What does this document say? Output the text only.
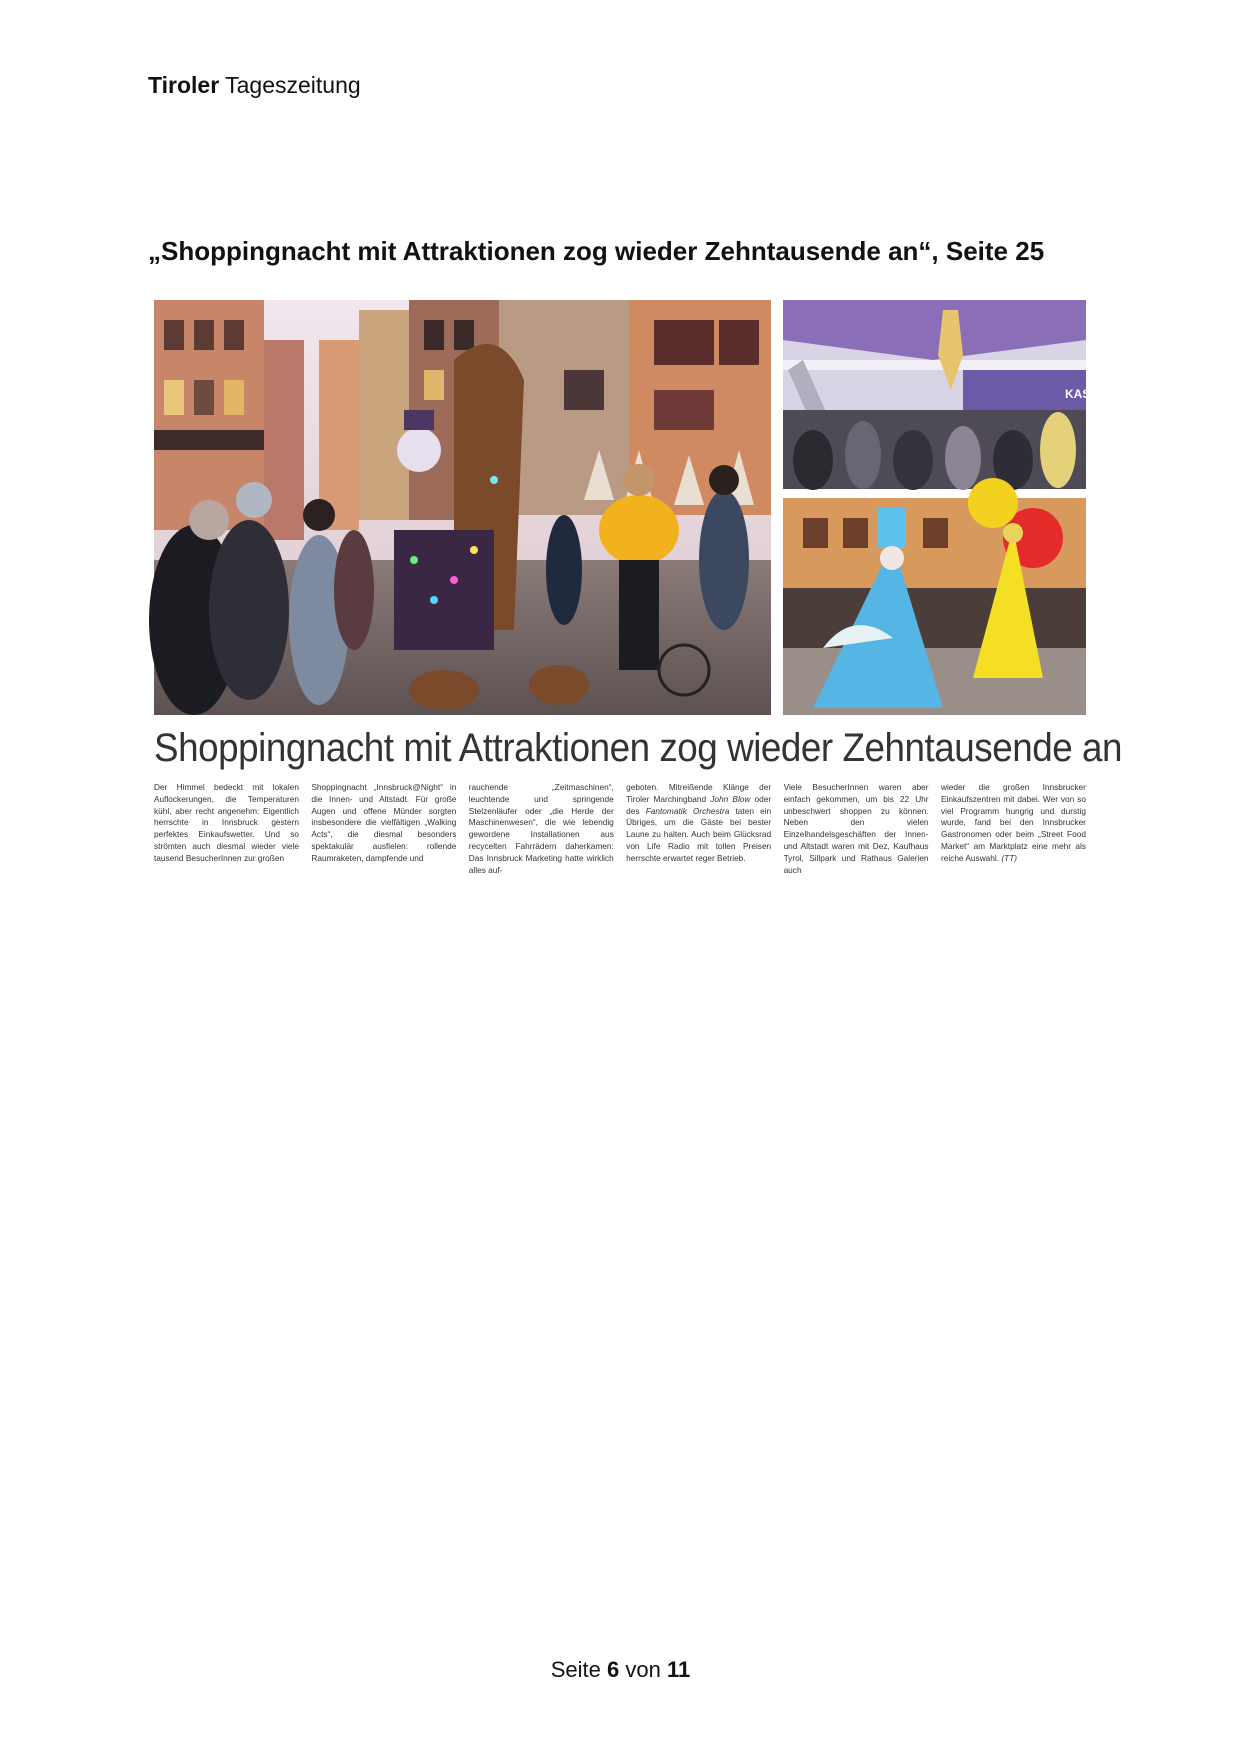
Tiroler Tageszeitung
„Shoppingnacht mit Attraktionen zog wieder Zehntausende an“, Seite 25
KAS
Shoppingnacht mit Attraktionen zog wieder Zehntausende an
Der Himmel bedeckt mit lokalen Auflockerungen, die Temperaturen kühl, aber recht angenehm: Eigentlich herrschte in Innsbruck gestern perfektes Einkaufswetter. Und so strömten auch diesmal wieder viele tausend BesucherInnen zur großen
Shoppingnacht „Innsbruck@Night“ in die Innen- und Altstadt. Für große Augen und offene Münder sorgten insbesondere die vielfältigen „Walking Acts“, die diesmal besonders spektakulär ausfielen: rollende Raumraketen, dampfende und
rauchende „Zeitmaschinen“, leuchtende und springende Stelzenläufer oder „die Herde der Maschinenwesen“, die wie lebendig gewordene Installationen aus recycelten Fahrrädern daherkamen: Das Innsbruck Marketing hatte wirklich alles auf-
geboten. Mitreißende Klänge der Tiroler Marchingband John Blow oder des Fantomatik Orchestra taten ein Übriges, um die Gäste bei bester Laune zu halten. Auch beim Glücksrad von Life Radio mit tollen Preisen herrschte erwartet reger Betrieb.
Viele BesucherInnen waren aber einfach gekommen, um bis 22 Uhr unbeschwert shoppen zu können. Neben den vielen Einzelhandelsgeschäften der Innen- und Altstadt waren mit Dez, Kaufhaus Tyrol, Sillpark und Rathaus Galerien auch
wieder die großen Innsbrucker Einkaufszentren mit dabei. Wer von so viel Programm hungrig und durstig wurde, fand bei den Innsbrucker Gastronomen oder beim „Street Food Market“ am Marktplatz eine mehr als reiche Auswahl. (TT)
Seite 6 von 11
